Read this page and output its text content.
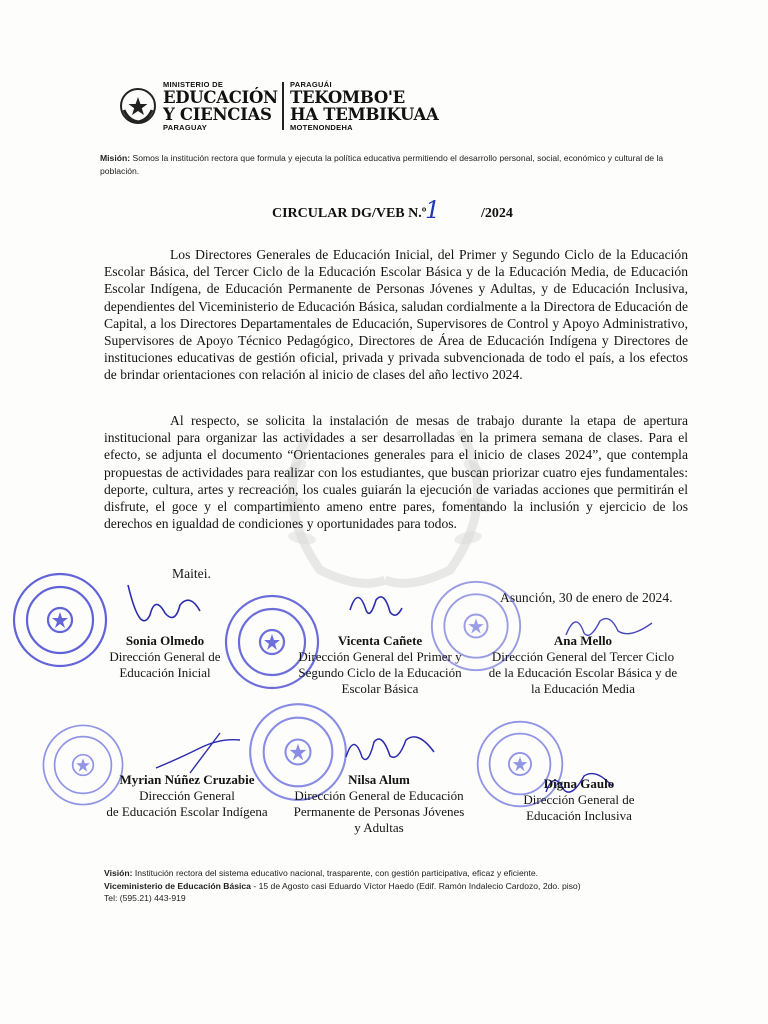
MINISTERIO DE
EDUCACIÓN
Y CIENCIAS
PARAGUAY
PARAGUÁI
TEKOMBO'E
HA TEMBIKUAA
MOTENONDEHA
Misión: Somos la institución rectora que formula y ejecuta la política educativa permitiendo el desarrollo personal, social, económico y cultural de la población.
CIRCULAR DG/VEB N.º
1	/2024
Los Directores Generales de Educación Inicial, del Primer y Segundo Ciclo de la Educación Escolar Básica, del Tercer Ciclo de la Educación Escolar Básica y de la Educación Media, de Educación Escolar Indígena, de Educación Permanente de Personas Jóvenes y Adultas, y de Educación Inclusiva, dependientes del Viceministerio de Educación Básica, saludan cordialmente a la Directora de Educación de Capital, a los Directores Departamentales de Educación, Supervisores de Control y Apoyo Administrativo, Supervisores de Apoyo Técnico Pedagógico, Directores de Área de Educación Indígena y Directores de instituciones educativas de gestión oficial, privada y privada subvencionada de todo el país, a los efectos de brindar orientaciones con relación al inicio de clases del año lectivo 2024.
Al respecto, se solicita la instalación de mesas de trabajo durante la etapa de apertura institucional para organizar las actividades a ser desarrolladas en la primera semana de clases. Para el efecto, se adjunta el documento “Orientaciones generales para el inicio de clases 2024”, que contempla propuestas de actividades para realizar con los estudiantes, que buscan priorizar cuatro ejes fundamentales: deporte, cultura, artes y recreación, los cuales guiarán la ejecución de variadas acciones que permitirán el disfrute, el goce y el compartimiento ameno entre pares, fomentando la inclusión y ejercicio de los derechos en igualdad de condiciones y oportunidades para todos.
Maitei.
Asunción, 30 de enero de 2024.
Sonia Olmedo
Dirección General de
Educación Inicial
Vicenta Cañete
Dirección General del Primer y
Segundo Ciclo de la Educación
Escolar Básica
Ana Mello
Dirección General del Tercer Ciclo
de la Educación Escolar Básica y de
la Educación Media
Myrian Núñez Cruzabie
Dirección General
de Educación Escolar Indígena
Nilsa Alum
Dirección General de Educación
Permanente de Personas Jóvenes
y Adultas
Digna Gaulo
Dirección General de
Educación Inclusiva
Visión: Institución rectora del sistema educativo nacional, trasparente, con gestión participativa, eficaz y eficiente.
Viceministerio de Educación Básica - 15 de Agosto casi Eduardo Víctor Haedo (Edif. Ramón Indalecio Cardozo, 2do. piso)
Tel: (595.21) 443-919
